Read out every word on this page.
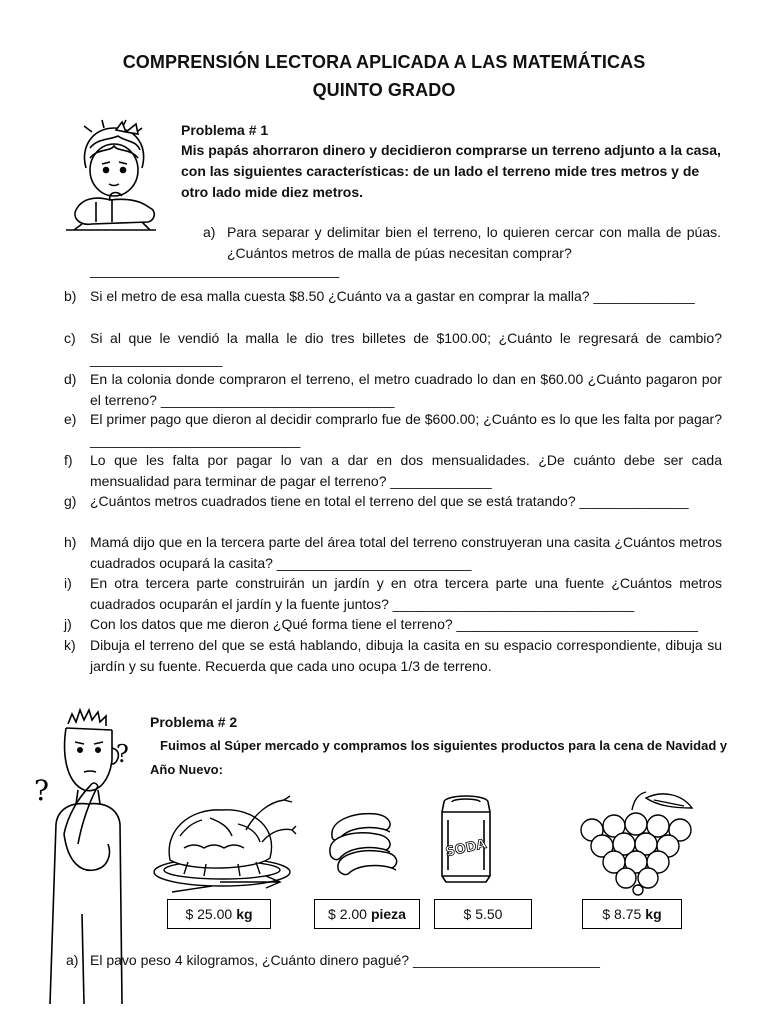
COMPRENSIÓN LECTORA APLICADA A LAS MATEMÁTICAS
QUINTO GRADO
Problema # 1
Mis papás ahorraron dinero y decidieron comprarse un terreno adjunto a la casa, con las siguientes características: de un lado el terreno mide tres metros y de otro lado mide diez metros.
a) Para separar y delimitar bien el terreno, lo quieren cercar con malla de púas. ¿Cuántos metros de malla de púas necesitan comprar?
________________________________
b) Si el metro de esa malla cuesta $8.50 ¿Cuánto va a gastar en comprar la malla? _____________
c) Si al que le vendió la malla le dio tres billetes de $100.00; ¿Cuánto le regresará de cambio? _________________
d) En la colonia donde compraron el terreno, el metro cuadrado lo dan en $60.00 ¿Cuánto pagaron por el terreno? ______________________________
e) El primer pago que dieron al decidir comprarlo fue de $600.00; ¿Cuánto es lo que les falta por pagar? ___________________________
f) Lo que les falta por pagar lo van a dar en dos mensualidades. ¿De cuánto debe ser cada mensualidad para terminar de pagar el terreno? _____________
g) ¿Cuántos metros cuadrados tiene en total el terreno del que se está tratando? ______________
h) Mamá dijo que en la tercera parte del área total del terreno construyeran una casita ¿Cuántos metros cuadrados ocupará la casita? _________________________
i) En otra tercera parte construirán un jardín y en otra tercera parte una fuente ¿Cuántos metros cuadrados ocuparán el jardín y la fuente juntos? _______________________________
j) Con los datos que me dieron ¿Qué forma tiene el terreno? _______________________________
k) Dibuja el terreno del que se está hablando, dibuja la casita en su espacio correspondiente, dibuja su jardín y su fuente. Recuerda que cada uno ocupa 1/3 de terreno.
?
?
Problema # 2
Fuimos al Súper mercado y compramos los siguientes productos para la cena de Navidad y Año Nuevo:
$ 25.00 kg	$ 2.00 pieza
SODA
$ 5.50	$ 8.75 kg
a) El pavo peso 4 kilogramos, ¿Cuánto dinero pagué? ________________________
